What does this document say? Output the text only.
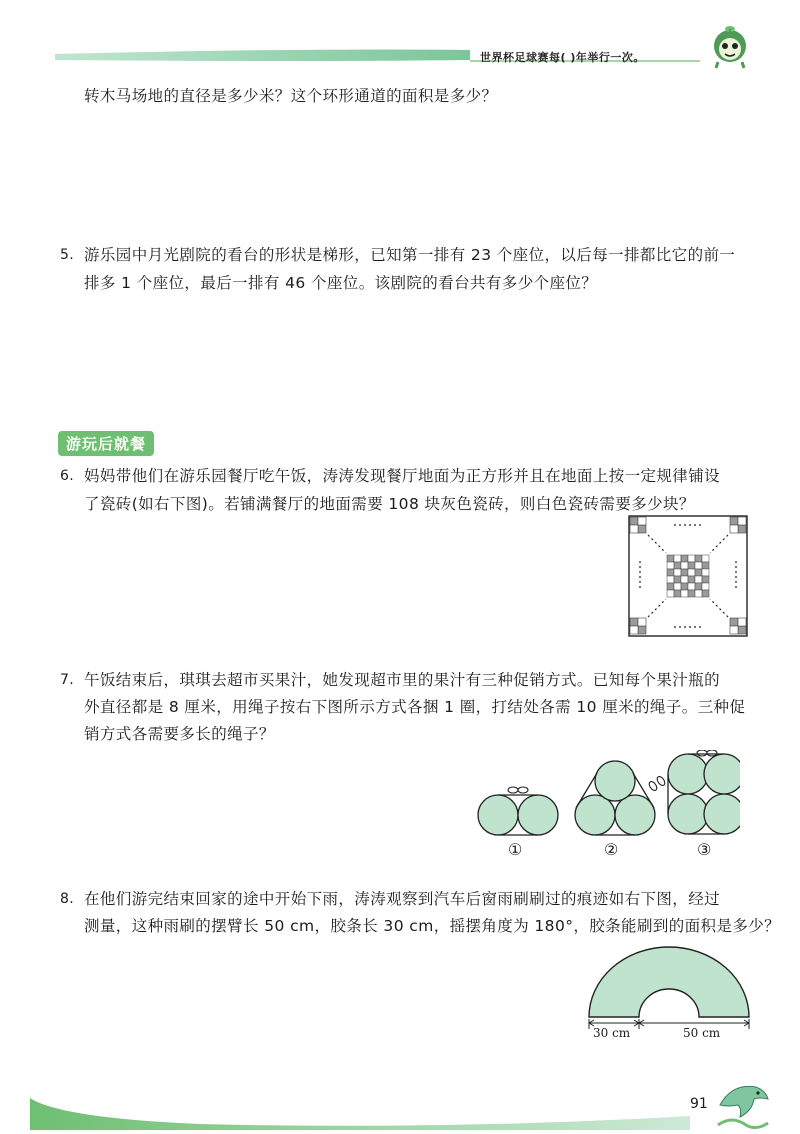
世界杯足球赛每( )年举行一次。
转木马场地的直径是多少米？这个环形通道的面积是多少？
5. 游乐园中月光剧院的看台的形状是梯形，已知第一排有 23 个座位，以后每一排都比它的前一
排多 1 个座位，最后一排有 46 个座位。该剧院的看台共有多少个座位？
游玩后就餐
6. 妈妈带他们在游乐园餐厅吃午饭，涛涛发现餐厅地面为正方形并且在地面上按一定规律铺设
了瓷砖(如右下图)。若铺满餐厅的地面需要 108 块灰色瓷砖，则白色瓷砖需要多少块？
7. 午饭结束后，琪琪去超市买果汁，她发现超市里的果汁有三种促销方式。已知每个果汁瓶的
外直径都是 8 厘米，用绳子按右下图所示方式各捆 1 圈，打结处各需 10 厘米的绳子。三种促
销方式各需要多长的绳子？
①	②	③
8. 在他们游完结束回家的途中开始下雨，涛涛观察到汽车后窗雨刷刷过的痕迹如右下图，经过
测量，这种雨刷的摆臂长 50 cm，胶条长 30 cm，摇摆角度为 180°，胶条能刷到的面积是多少？
30 cm	50 cm
91
